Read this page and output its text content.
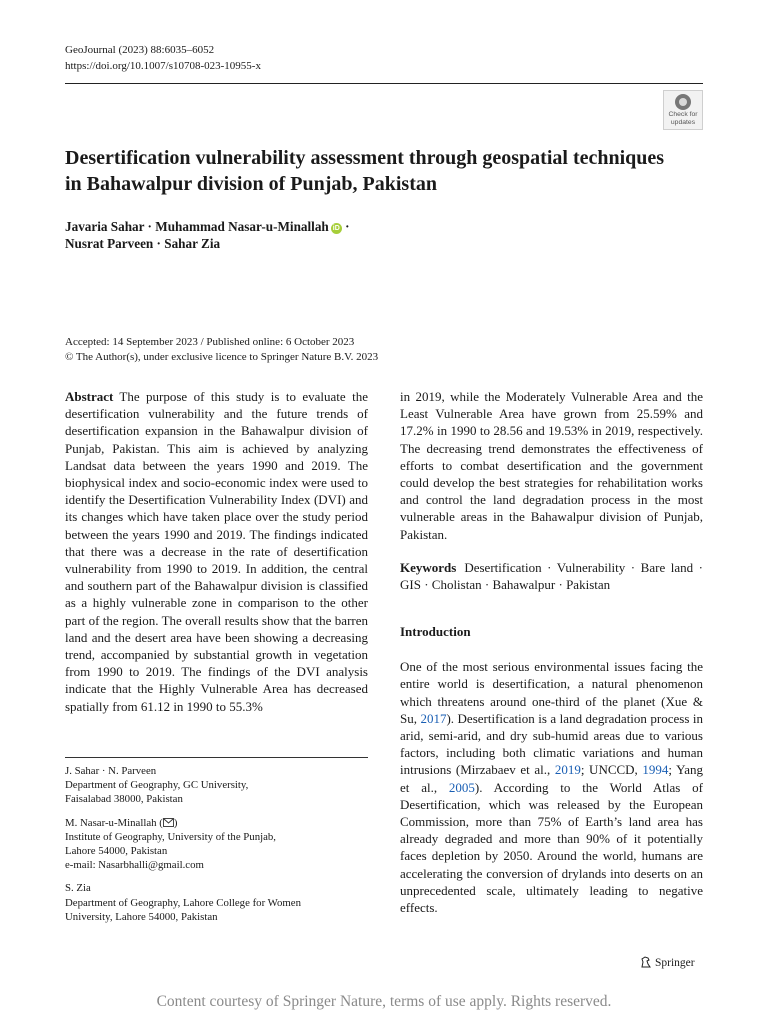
GeoJournal (2023) 88:6035–6052
https://doi.org/10.1007/s10708-023-10955-x
Check for
updates
Desertification vulnerability assessment through geospatial techniques in Bahawalpur division of Punjab, Pakistan
Javaria Sahar · Muhammad Nasar-u-Minallah iD ·
Nusrat Parveen · Sahar Zia
Accepted: 14 September 2023 / Published online: 6 October 2023
© The Author(s), under exclusive licence to Springer Nature B.V. 2023

Abstract The purpose of this study is to evaluate the desertification vulnerability and the future trends of desertification expansion in the Bahawalpur division of Punjab, Pakistan. This aim is achieved by analyzing Landsat data between the years 1990 and 2019. The biophysical index and socio-economic index were used to identify the Desertification Vulnerability Index (DVI) and its changes which have taken place over the study period between the years 1990 and 2019. The findings indicated that there was a decrease in the rate of desertification vulnerability from 1990 to 2019. In addition, the central and southern part of the Bahawalpur division is classified as a highly vulnerable zone in comparison to the other part of the region. The overall results show that the barren land and the desert area have been showing a decreasing trend, accompanied by substantial growth in vegetation from 1990 to 2019. The findings of the DVI analysis indicate that the Highly Vulnerable Area has decreased spatially from 61.12 in 1990 to 55.3%

in 2019, while the Moderately Vulnerable Area and the Least Vulnerable Area have grown from 25.59% and 17.2% in 1990 to 28.56 and 19.53% in 2019, respectively. The decreasing trend demonstrates the effectiveness of efforts to combat desertification and the government could develop the best strategies for rehabilitation works and control the land degradation process in the most vulnerable areas in the Bahawalpur division of Punjab, Pakistan.

Keywords Desertification · Vulnerability · Bare land · GIS · Cholistan · Bahawalpur · Pakistan

Introduction

One of the most serious environmental issues facing the entire world is desertification, a natural phenomenon which threatens around one-third of the planet (Xue & Su, 2017). Desertification is a land degradation process in arid, semi-arid, and dry sub-humid areas due to various factors, including both climatic variations and human intrusions (Mirzabaev et al., 2019; UNCCD, 1994; Yang et al., 2005). According to the World Atlas of Desertification, which was released by the European Commission, more than 75% of Earth’s land area has already degraded and more than 90% of it potentially faces depletion by 2050. Around the world, humans are accelerating the conversion of drylands into deserts on an unprecedented scale, ultimately leading to negative effects.

J. Sahar · N. Parveen
Department of Geography, GC University,
Faisalabad 38000, Pakistan
M. Nasar-u-Minallah ( )
Institute of Geography, University of the Punjab,
Lahore 54000, Pakistan
e-mail: Nasarbhalli@gmail.com
S. Zia
Department of Geography, Lahore College for Women
University, Lahore 54000, Pakistan
Springer
Content courtesy of Springer Nature, terms of use apply. Rights reserved.
